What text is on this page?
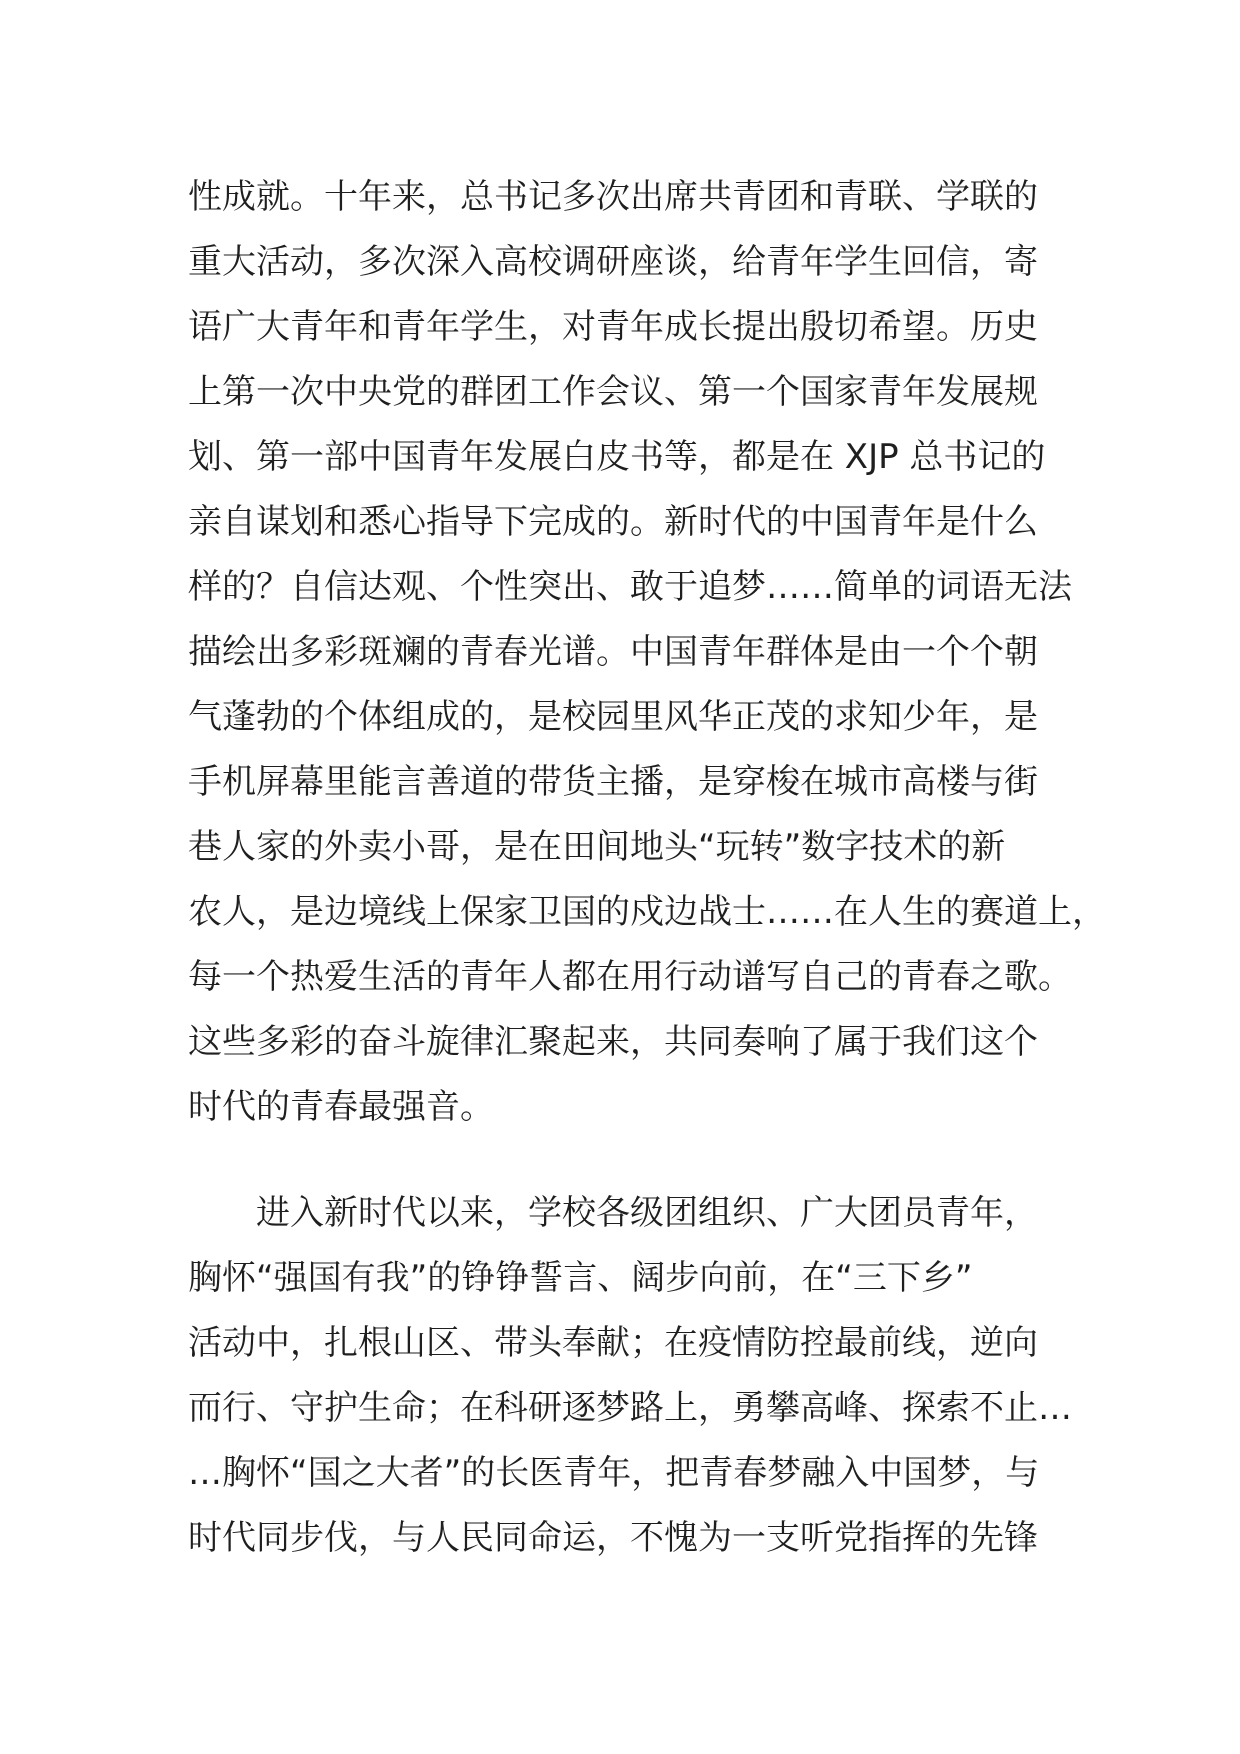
性成就。十年来，总书记多次出席共青团和青联、学联的
重大活动，多次深入高校调研座谈，给青年学生回信，寄
语广大青年和青年学生，对青年成长提出殷切希望。历史
上第一次中央党的群团工作会议、第一个国家青年发展规
划、第一部中国青年发展白皮书等，都是在 XJP 总书记的
亲自谋划和悉心指导下完成的。新时代的中国青年是什么
样的？自信达观、个性突出、敢于追梦……简单的词语无法
描绘出多彩斑斓的青春光谱。中国青年群体是由一个个朝
气蓬勃的个体组成的，是校园里风华正茂的求知少年，是
手机屏幕里能言善道的带货主播，是穿梭在城市高楼与街
巷人家的外卖小哥，是在田间地头“玩转”数字技术的新
农人，是边境线上保家卫国的戍边战士……在人生的赛道上，
每一个热爱生活的青年人都在用行动谱写自己的青春之歌。
这些多彩的奋斗旋律汇聚起来，共同奏响了属于我们这个
时代的青春最强音。
　　进入新时代以来，学校各级团组织、广大团员青年，
胸怀“强国有我”的铮铮誓言、阔步向前，在“三下乡”
活动中，扎根山区、带头奉献；在疫情防控最前线，逆向
而行、守护生命；在科研逐梦路上，勇攀高峰、探索不止…
…胸怀“国之大者”的长医青年，把青春梦融入中国梦，与
时代同步伐，与人民同命运，不愧为一支听党指挥的先锋
